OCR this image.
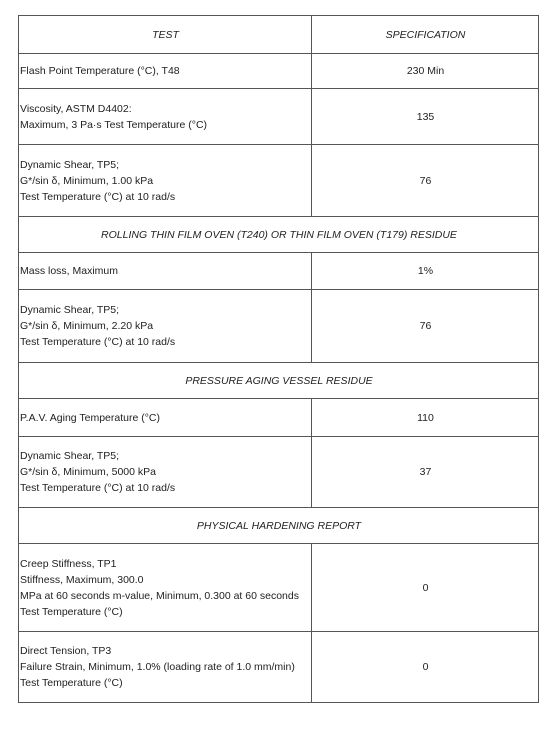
TEST	SPECIFICATION

Flash Point Temperature (°C), T48	230 Min

Viscosity, ASTM D4402:
Maximum, 3 Pa·s Test Temperature (°C)	135

Dynamic Shear, TP5;
G*/sin δ, Minimum, 1.00 kPa
Test Temperature (°C) at 10 rad/s	76
ROLLING THIN FILM OVEN (T240) OR THIN FILM OVEN (T179) RESIDUE	

Mass loss, Maximum	1%

Dynamic Shear, TP5;
G*/sin δ, Minimum, 2.20 kPa
Test Temperature (°C) at 10 rad/s	76
PRESSURE AGING VESSEL RESIDUE	

P.A.V. Aging Temperature (°C)	110

Dynamic Shear, TP5;
G*/sin δ, Minimum, 5000 kPa
Test Temperature (°C) at 10 rad/s	37
PHYSICAL HARDENING REPORT	

Creep Stiffness, TP1
Stiffness, Maximum, 300.0
MPa at 60 seconds m-value, Minimum, 0.300 at 60 seconds
Test Temperature (°C)	0

Direct Tension, TP3
Failure Strain, Minimum, 1.0% (loading rate of 1.0 mm/min)
Test Temperature (°C)	0
